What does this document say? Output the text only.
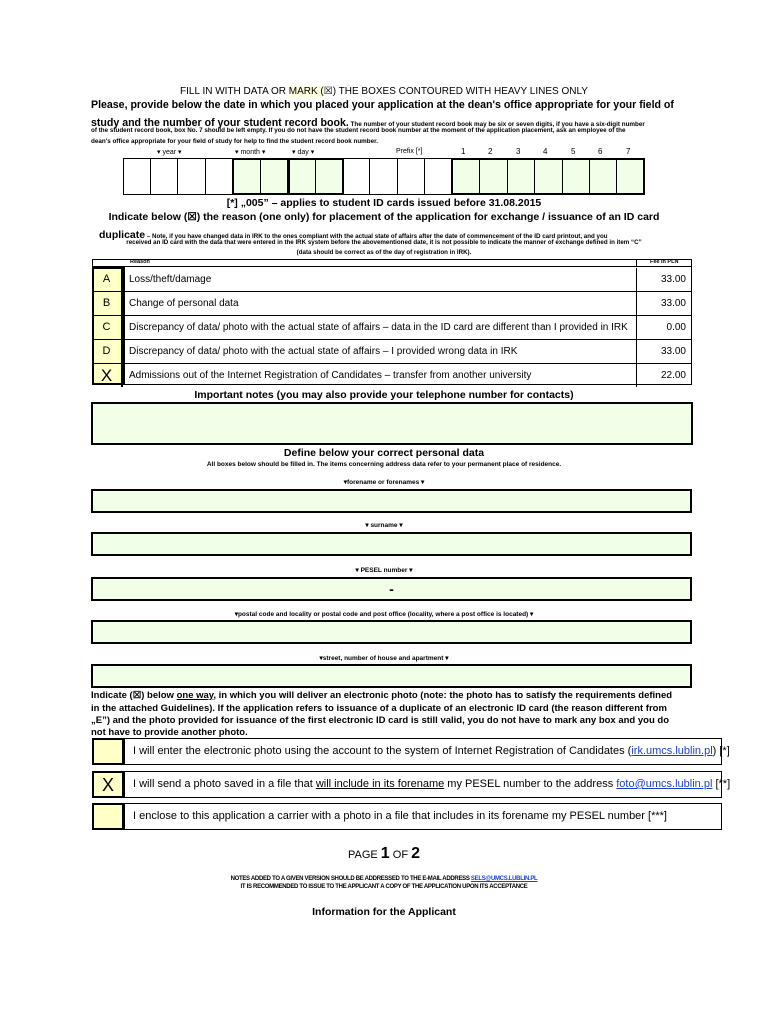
FILL IN WITH DATA OR MARK (☒) THE BOXES CONTOURED WITH HEAVY LINES ONLY
Please, provide below the date in which you placed your application at the dean's office appropriate for your field of
study and the number of your student record book. The number of your student record book may be six or seven digits, if you have a six-digit number
of the student record book, box No. 7 should be left empty. If you do not have the student record book number at the moment of the application placement, ask an employee of the
dean's office appropriate for your field of study for help to find the student record book number.
▾ year ▾	▾ month ▾	▾ day ▾	Prefix [*]	1	2	3	4	5	6	7
[*] „005” – applies to student ID cards issued before 31.08.2015
Indicate below (☒) the reason (one only) for placement of the application for exchange / issuance of an ID card
duplicate – Note, if you have changed data in IRK to the ones compliant with the actual state of affairs after the date of commencement of the ID card printout, and you
received an ID card with the data that were entered in the IRK system before the abovementioned date, it is not possible to indicate the manner of exchange defined in item “C”
(data should be correct as of the day of registration in IRK).
Reason	Fee in PLN
A	Loss/theft/damage	33.00
B	Change of personal data	33.00
C	Discrepancy of data/ photo with the actual state of affairs – data in the ID card are different than I provided in IRK	0.00
D	Discrepancy of data/ photo with the actual state of affairs – I provided wrong data in IRK	33.00
X	Admissions out of the Internet Registration of Candidates – transfer from another university	22.00
Important notes (you may also provide your telephone number for contacts)
Define below your correct personal data
All boxes below should be filled in. The items concerning address data refer to your permanent place of residence.
▾forename or forenames ▾
▾ surname ▾
▾ PESEL number ▾
-
▾postal code and locality or postal code and post office (locality, where a post office is located) ▾
▾street, number of house and apartment ▾
Indicate (☒) below one way, in which you will deliver an electronic photo (note: the photo has to satisfy the requirements defined
in the attached Guidelines). If the application refers to issuance of a duplicate of an electronic ID card (the reason different from
„E”) and the photo provided for issuance of the first electronic ID card is still valid, you do not have to mark any box and you do
not have to provide another photo.
I will enter the electronic photo using the account to the system of Internet Registration of Candidates (irk.umcs.lublin.pl) [*]
X	I will send a photo saved in a file that will include in its forename my PESEL number to the address foto@umcs.lublin.pl [**]
I enclose to this application a carrier with a photo in a file that includes in its forename my PESEL number [***]
PAGE 1 OF 2
NOTES ADDED TO A GIVEN VERSION SHOULD BE ADDRESSED TO THE E-MAIL ADDRESS SELS@UMCS.LUBLIN.PL
IT IS RECOMMENDED TO ISSUE TO THE APPLICANT A COPY OF THE APPLICATION UPON ITS ACCEPTANCE
Information for the Applicant
